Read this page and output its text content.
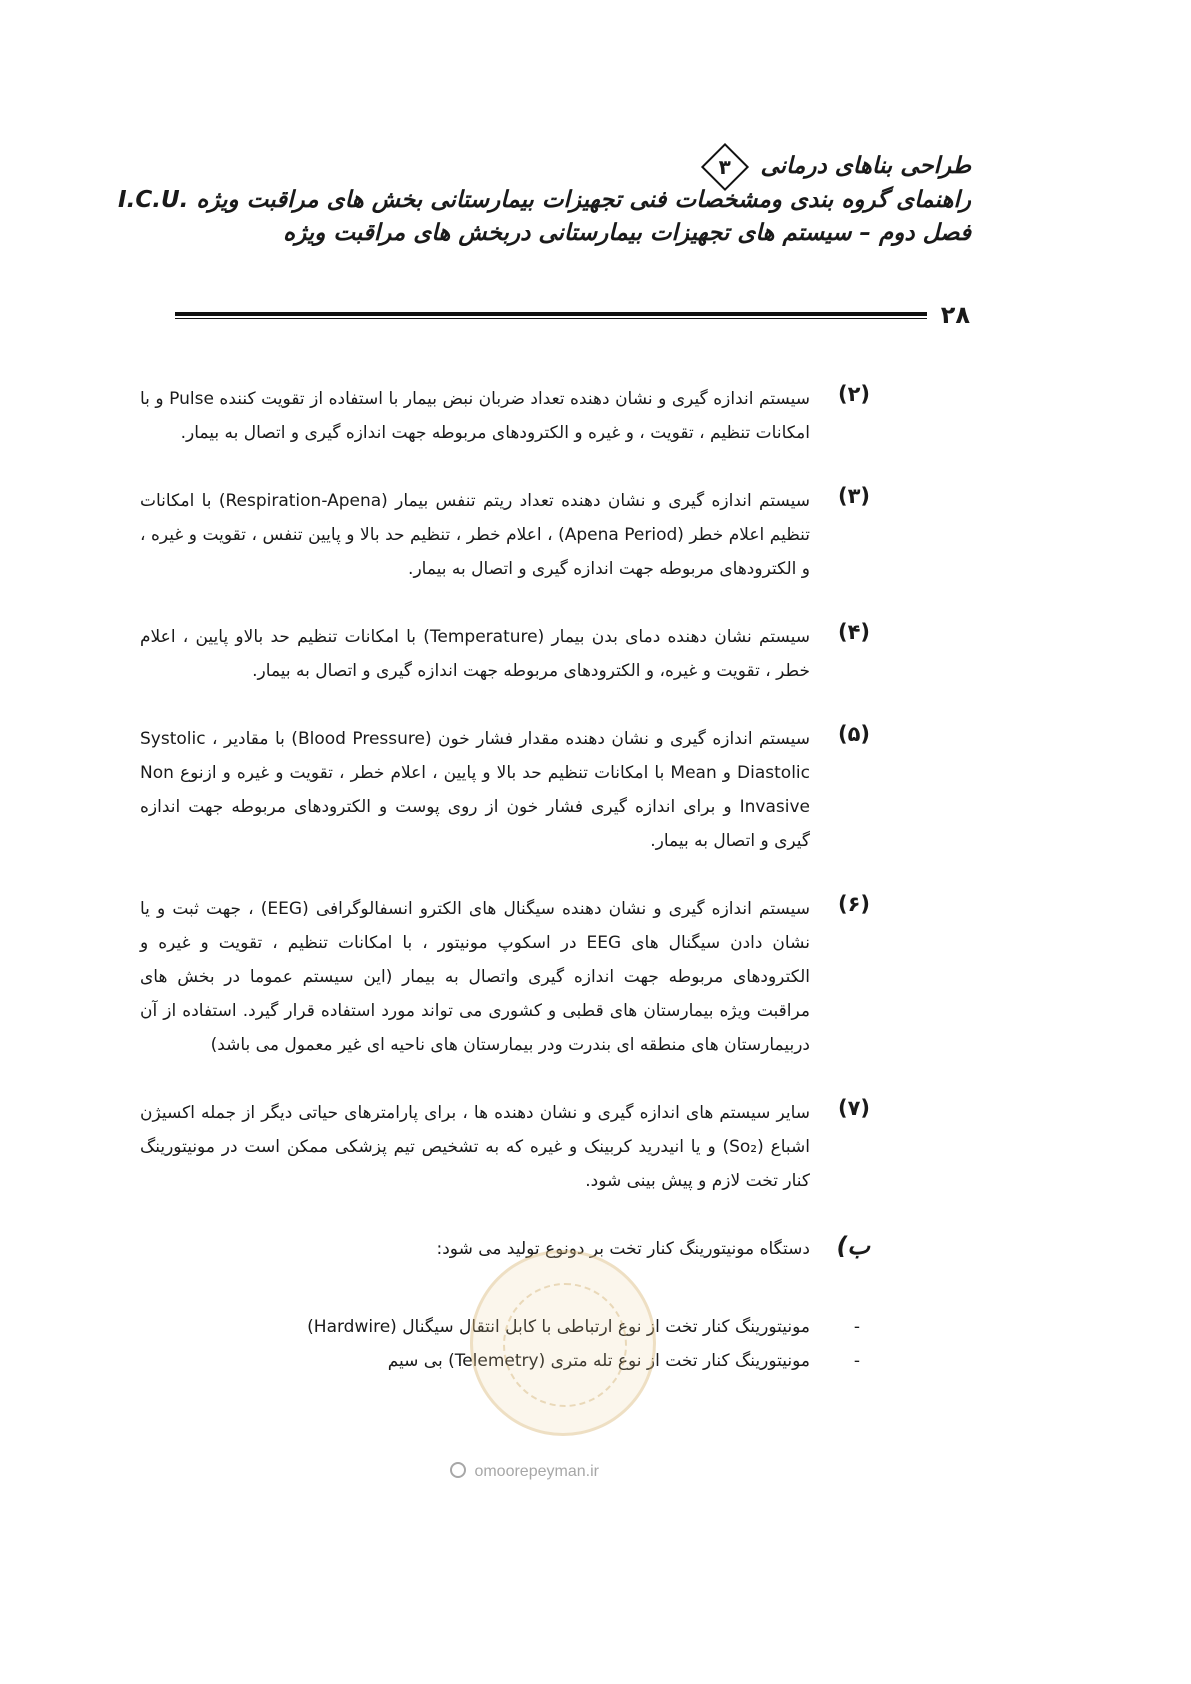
طراحی بناهای درمانی
۳
راهنمای گروه بندی ومشخصات فنی تجهیزات بیمارستانی بخش های مراقبت ویژه .I.C.U
فصل دوم – سیستم های تجهیزات بیمارستانی دربخش های مراقبت ویژه
۲۸
(۲)
سیستم اندازه گیری و نشان دهنده تعداد ضربان نبض بیمار با استفاده از تقویت کننده Pulse و با امکانات تنظیم ، تقویت ، و غیره و الکترودهای مربوطه جهت اندازه گیری و اتصال به بیمار.
(۳)
سیستم اندازه گیری و نشان دهنده تعداد ریتم تنفس بیمار (Respiration-Apena) با امکانات تنظیم اعلام خطر (Apena Period) ، اعلام خطر ، تنظیم حد بالا و پایین تنفس ، تقویت و غیره ، و الکترودهای مربوطه جهت اندازه گیری و اتصال به بیمار.
(۴)
سیستم نشان دهنده دمای بدن بیمار (Temperature) با امکانات تنظیم حد بالاو پایین ، اعلام خطر ، تقویت و غیره، و الکترودهای مربوطه جهت اندازه گیری و اتصال به بیمار.
(۵)
سیستم اندازه گیری و نشان دهنده مقدار فشار خون (Blood Pressure) با مقادیر Systolic ، Diastolic و Mean با امکانات تنظیم حد بالا و پایین ، اعلام خطر ، تقویت و غیره و ازنوع Non Invasive و برای اندازه گیری فشار خون از روی پوست و الکترودهای مربوطه جهت اندازه گیری و اتصال به بیمار.
(۶)
سیستم اندازه گیری و نشان دهنده سیگنال های الکترو انسفالوگرافی (EEG) ، جهت ثبت و یا نشان دادن سیگنال های EEG در اسکوپ مونیتور ، با امکانات تنظیم ، تقویت و غیره و الکترودهای مربوطه جهت اندازه گیری واتصال به بیمار (این سیستم عموما در بخش های مراقبت ویژه بیمارستان های قطبی و کشوری می تواند مورد استفاده قرار گیرد. استفاده از آن دربیمارستان های منطقه ای بندرت ودر بیمارستان های ناحیه ای غیر معمول می باشد)
(۷)
سایر سیستم های اندازه گیری و نشان دهنده ها ، برای پارامترهای حیاتی دیگر از جمله اکسیژن اشباع (So₂) و یا انیدرید کربینک و غیره که به تشخیص تیم پزشکی ممکن است در مونیتورینگ کنار تخت لازم و پیش بینی شود.
ب)
دستگاه مونیتورینگ کنار تخت بر دونوع تولید می شود:
-
مونیتورینگ کنار تخت از نوع ارتباطی با کابل انتقال سیگنال (Hardwire)
-
مونیتورینگ کنار تخت از نوع تله متری (Telemetry) بی سیم
omoorepeyman.ir
